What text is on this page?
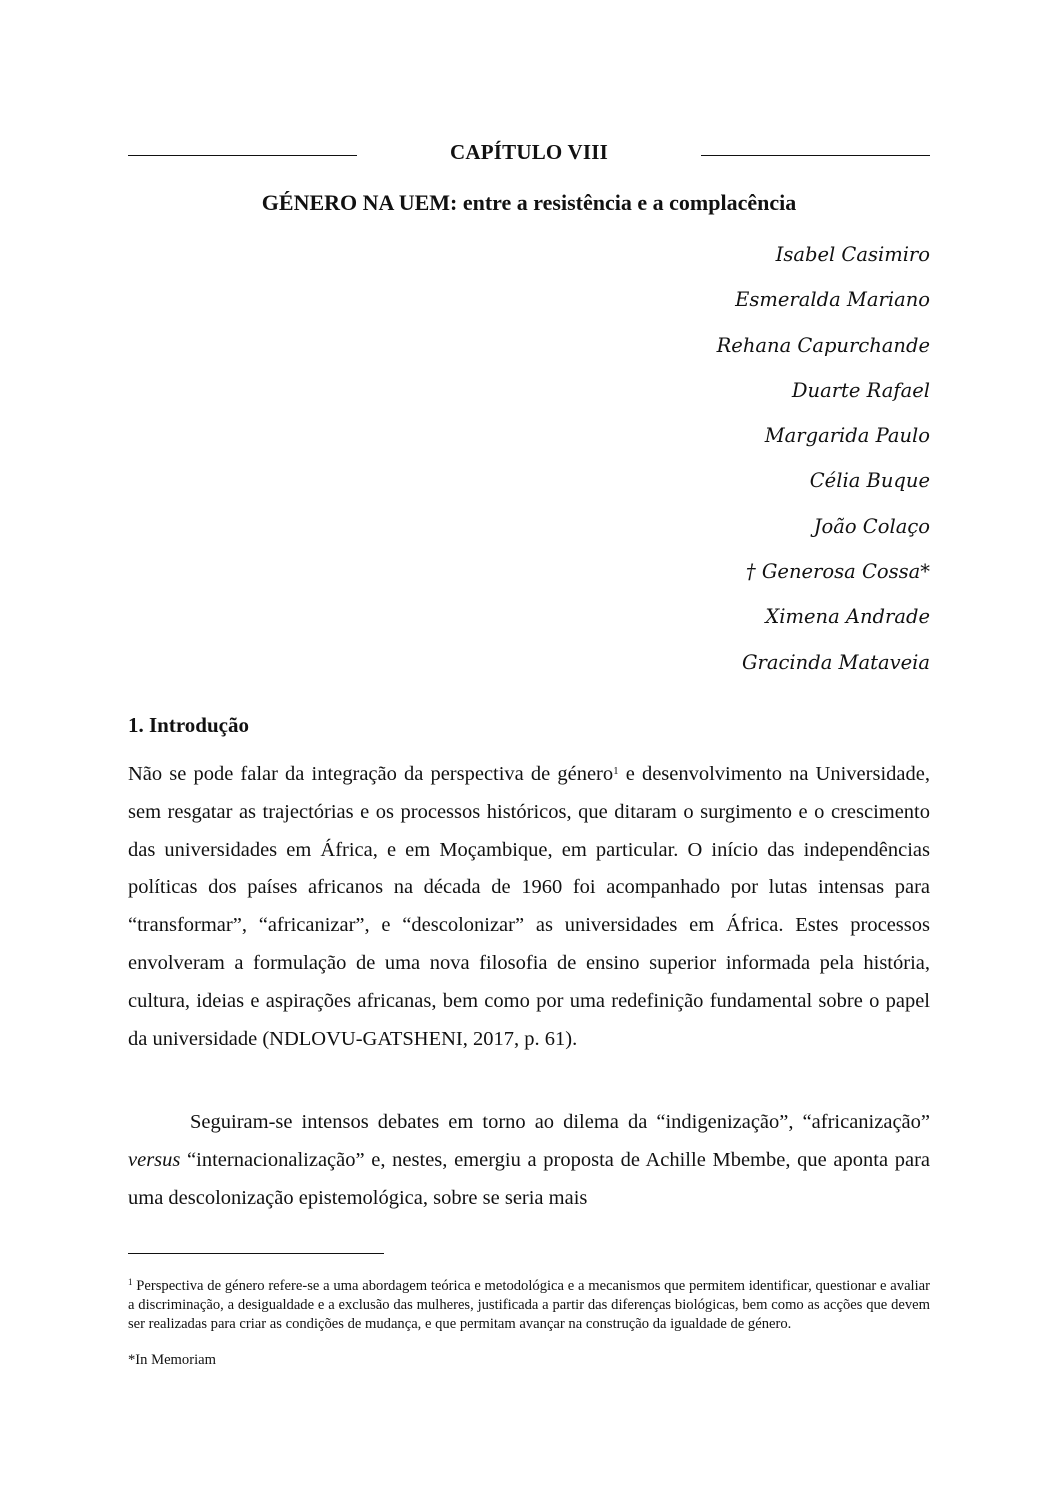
CAPÍTULO VIII
GÉNERO NA UEM: entre a resistência e a complacência
Isabel Casimiro
Esmeralda Mariano
Rehana Capurchande
Duarte Rafael
Margarida Paulo
Célia Buque
João Colaço
† Generosa Cossa*
Ximena Andrade
Gracinda Mataveia
1. Introdução

Não se pode falar da integração da perspectiva de género$^1$ e desenvolvimento na Universidade, sem resgatar as trajectórias e os processos históricos, que ditaram o surgimento e o crescimento das universidades em África, e em Moçambique, em particular. O início das independências políticas dos países africanos na década de 1960 foi acompanhado por lutas intensas para “transformar”, “africanizar”, e “descolonizar” as universidades em África. Estes processos envolveram a formulação de uma nova filosofia de ensino superior informada pela história, cultura, ideias e aspirações africanas, bem como por uma redefinição fundamental sobre o papel da universidade (NDLOVU-GATSHENI, 2017, p. 61).

Seguiram-se intensos debates em torno ao dilema da “indigenização”, “africanização” versus “internacionalização” e, nestes, emergiu a proposta de Achille Mbembe, que aponta para uma descolonização epistemológica, sobre se seria mais

$^1$ Perspectiva de género refere-se a uma abordagem teórica e metodológica e a mecanismos que permitem identificar, questionar e avaliar a discriminação, a desigualdade e a exclusão das mulheres, justificada a partir das diferenças biológicas, bem como as acções que devem ser realizadas para criar as condições de mudança, e que permitam avançar na construção da igualdade de género.

*In Memoriam
